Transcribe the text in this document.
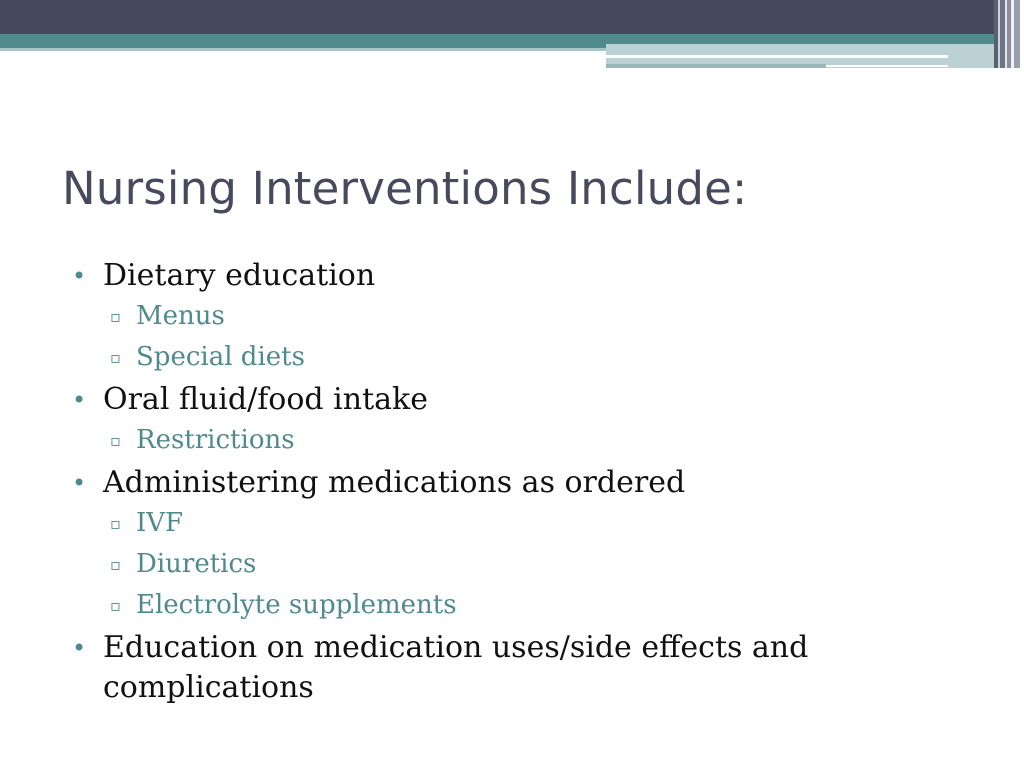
Nursing Interventions Include:
• Dietary education
▫ Menus
▫ Special diets
• Oral fluid/food intake
▫ Restrictions
• Administering medications as ordered
▫ IVF
▫ Diuretics
▫ Electrolyte supplements
• Education on medication uses/side effects and complications
